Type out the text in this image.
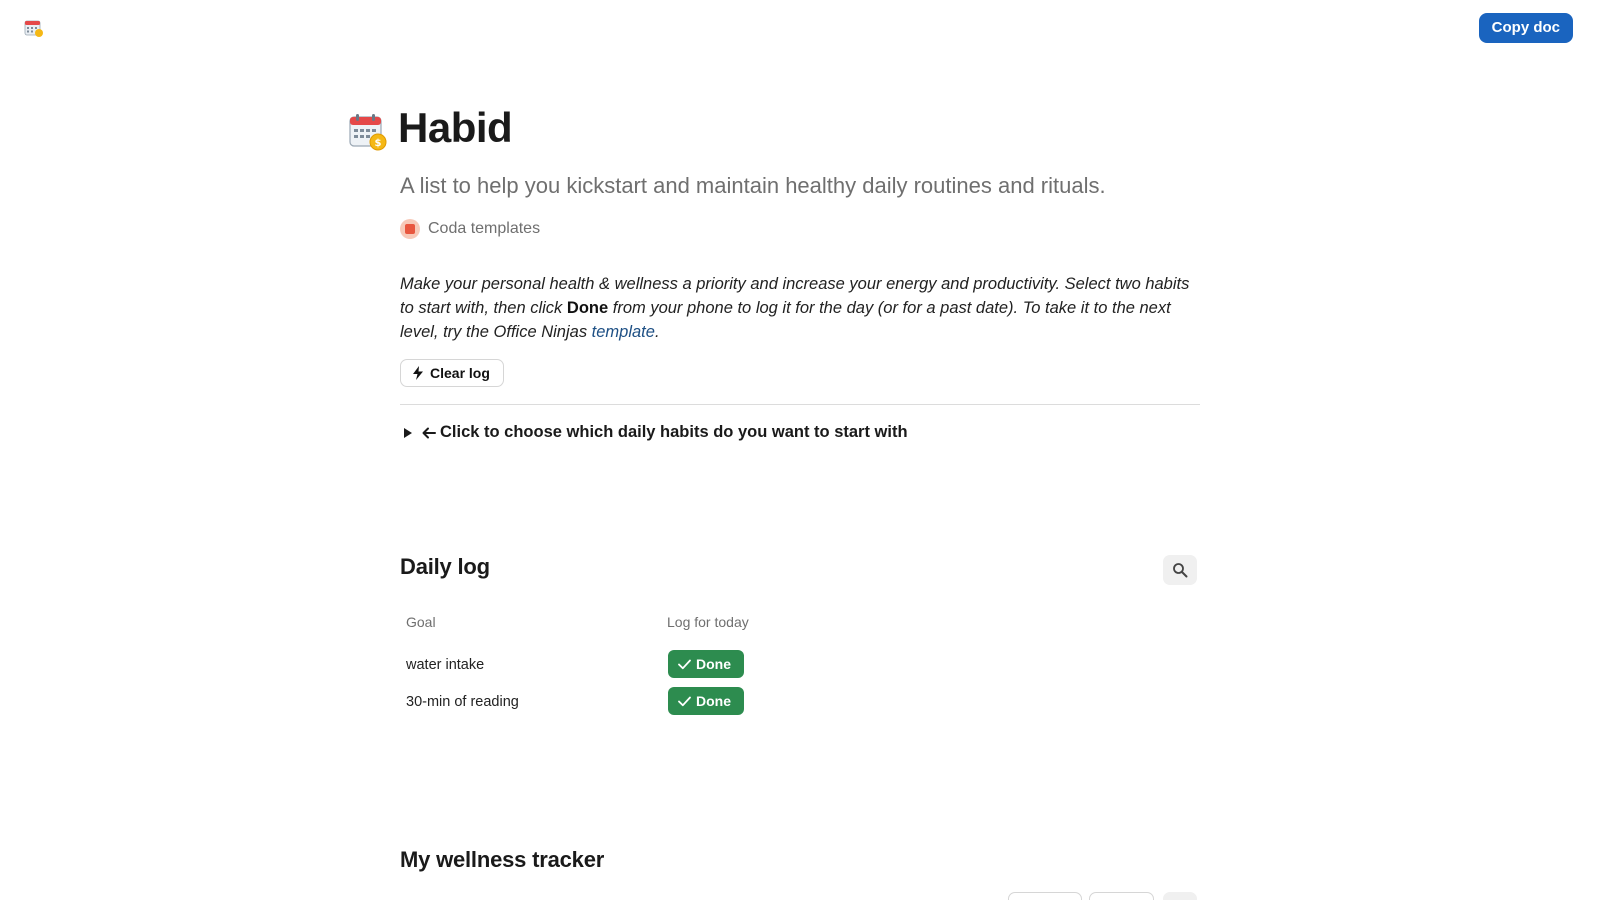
Copy doc
$ Habid
A list to help you kickstart and maintain healthy daily routines and rituals.
Coda templates

Make your personal health & wellness a priority and increase your energy and productivity. Select two habits to start with, then click Done from your phone to log it for the day (or for a past date). To take it to the next level, try the Office Ninjas template.

Clear log
Click to choose which daily habits do you want to start with
Daily log
Goal	Log for today
water intake	Done
30-min of reading	Done
My wellness tracker
